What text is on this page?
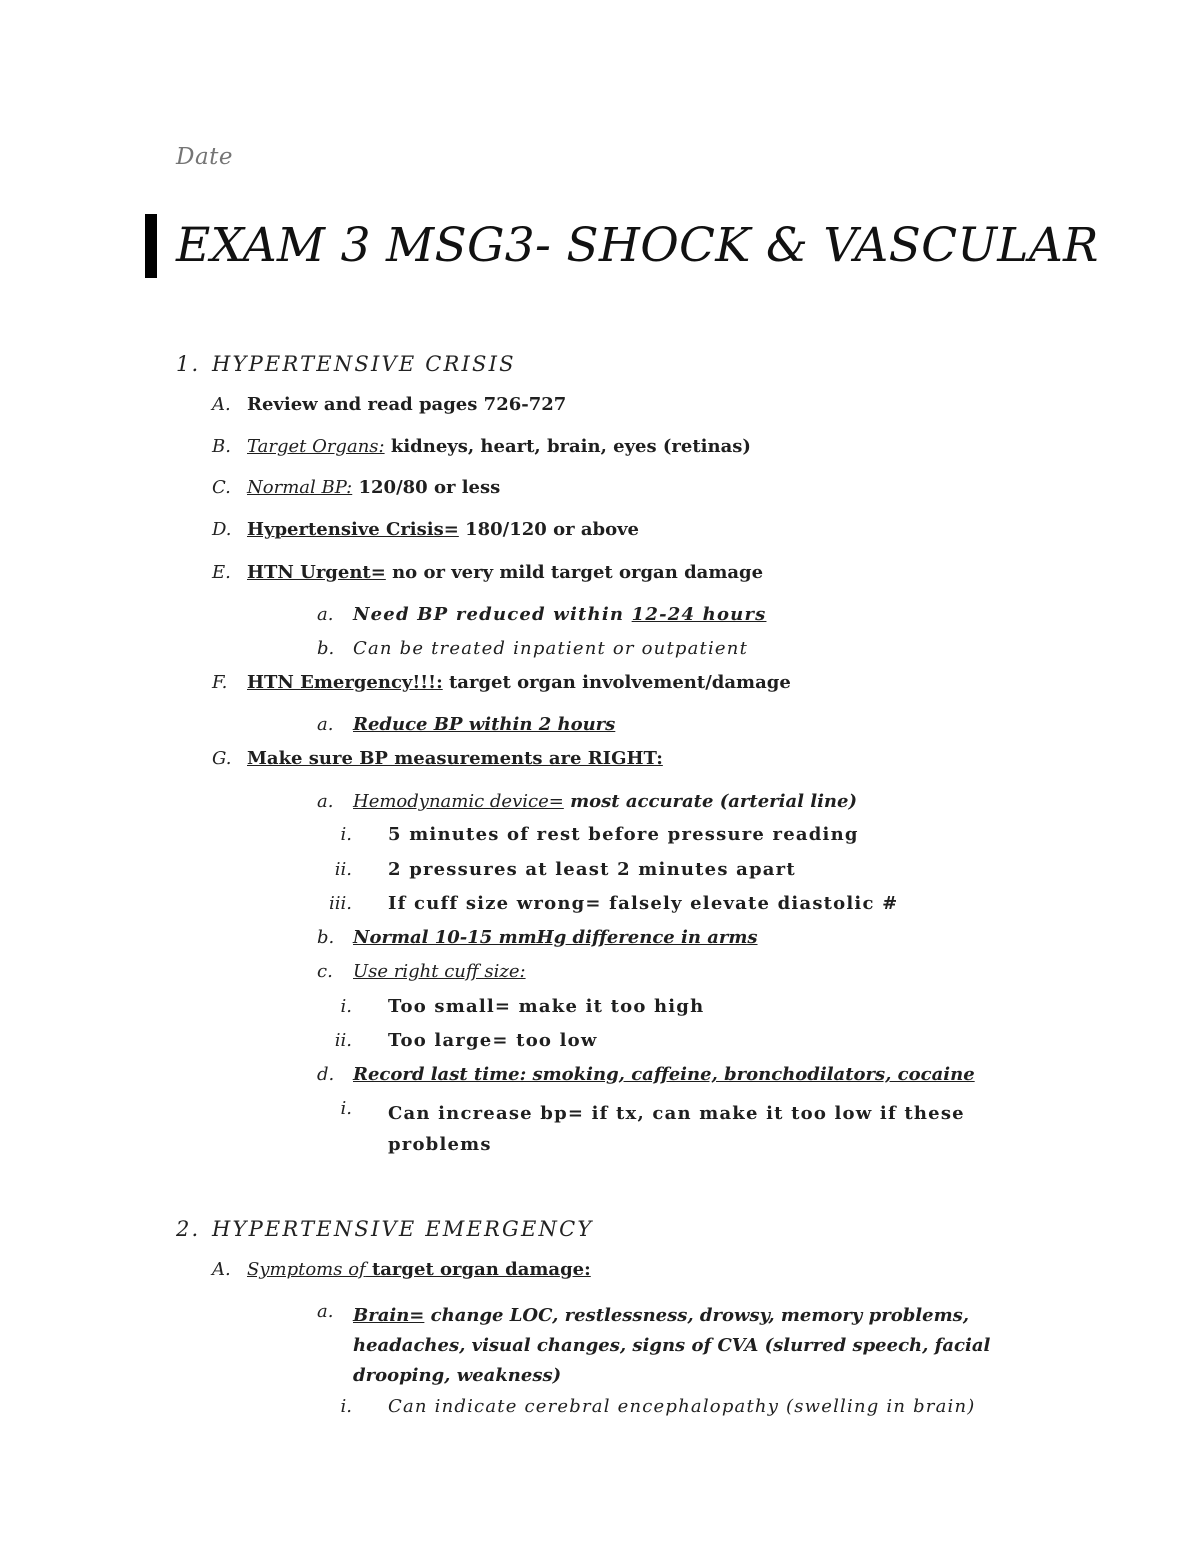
Date
EXAM 3 MSG3- SHOCK & VASCULAR
1. HYPERTENSIVE CRISIS
A. Review and read pages 726-727
B. Target Organs: kidneys, heart, brain, eyes (retinas)
C. Normal BP: 120/80 or less
D. Hypertensive Crisis= 180/120 or above
E. HTN Urgent= no or very mild target organ damage
a. Need BP reduced within 12-24 hours
b. Can be treated inpatient or outpatient
F. HTN Emergency!!!: target organ involvement/damage
a. Reduce BP within 2 hours
G. Make sure BP measurements are RIGHT:
a. Hemodynamic device= most accurate (arterial line)
i. 5 minutes of rest before pressure reading
ii. 2 pressures at least 2 minutes apart
iii. If cuff size wrong= falsely elevate diastolic #
b. Normal 10-15 mmHg difference in arms
c. Use right cuff size:
i. Too small= make it too high
ii. Too large= too low
d. Record last time: smoking, caffeine, bronchodilators, cocaine
i. Can increase bp= if tx, can make it too low if these problems
2. HYPERTENSIVE EMERGENCY
A. Symptoms of target organ damage:
a. Brain= change LOC, restlessness, drowsy, memory problems, headaches, visual changes, signs of CVA (slurred speech, facial drooping, weakness)
i. Can indicate cerebral encephalopathy (swelling in brain)
